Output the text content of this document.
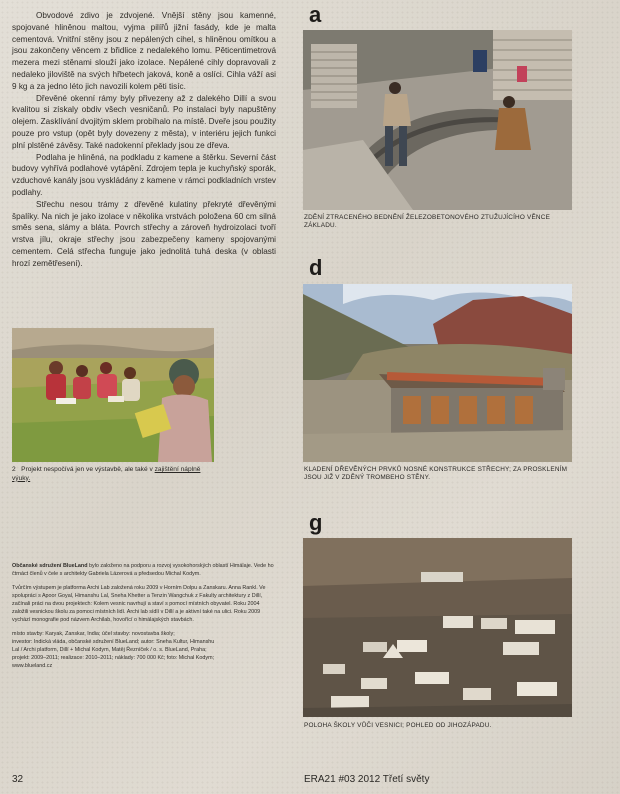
Obvodové zdivo je zdvojené. Vnější stěny jsou kamenné, spojované hliněnou maltou, vyjma pilířů jižní fasády, kde je malta cementová. Vnitřní stěny jsou z nepálených cihel, s hliněnou omítkou a jsou zakončeny věncem z břidlice z nedalekého lomu. Pěticentimetrová mezera mezi stěnami slouží jako izolace. Nepálené cihly dopravovali z nedaleko jiloviště na svých hřbetech jaková, koně a oslíci. Cihla váží asi 9 kg a za jedno léto jich navozili kolem pěti tisíc.

Dřevěné okenní rámy byly přivezeny až z dalekého Dillí a svou kvalitou si získaly obdiv všech vesničanů. Po instalaci byly napuštěny olejem. Zasklívání dvojitým sklem probíhalo na místě. Dveře jsou použity pouze pro vstup (opět byly dovezeny z města), v interiéru jejich funkci plní plstěné závěsy. Také nadokenní překlady jsou ze dřeva.

Podlaha je hliněná, na podkladu z kamene a štěrku. Severní část budovy vyhřívá podlahové vytápění. Zdrojem tepla je kuchyňský sporák, vzduchové kanály jsou vyskládány z kamene v rámci podkladních vrstev podlahy.

Střechu nesou trámy z dřevěné kulatiny překryté dřevěnými špalíky. Na nich je jako izolace v několika vrstvách položena 60 cm silná směs sena, slámy a bláta. Povrch střechy a zároveň hydroizolaci tvoří vrstva jílu, okraje střechy jsou zabezpečeny kameny spojovanými cementem. Celá střecha funguje jako jednolitá tuhá deska (v oblasti hrozí zemětřesení).

2 Projekt nespočívá jen ve výstavbě, ale také v zajištění náplně výuky.

Občanské sdružení BlueLand bylo založeno na podporu a rozvoj vysokohorských oblastí Himálaje. Vede ho čtrnáct členů v čele s architekty Gabriela Lázerová a předsedou Michal Kodym.

Tvůrčím výstupem je platforma Archi Lab založená roku 2009 v Horním Dolpu a Zanskaru. Anna Rankl. Ve spolupráci s Apoor Goyal, Himanshu Lal, Sneha Khetter a Tenzin Wangchuk z Fakulty architektury z Dillí, začínali práci na dvou projektech: Kolem vesnic navrhují a staví s pomocí místních obyvatel. Roku 2004 založili vesnickou školu za pomoci místních lidí. Archi lab sídlí v Dillí a je aktivní také na ulici. Roku 2009 vychází monografie pod názvem Archilab, hovořící o himálajských stavbách.

místo stavby: Karyak, Zanskar, India; účel stavby: novostavba školy;

investor: Indická vláda, občanské sdružení BlueLand; autor: Sneha Kultur, Himanshu

Lal / Archi platform, Dillí + Michal Kodym, Matěj Řezníček / o. s. BlueLand, Praha;

projekt: 2009–2011; realizace: 2010–2011; náklady: 700 000 Kč; foto: Michal Kodym;

www.blueland.cz

a
ZDĚNÍ ZTRACENÉHO BEDNĚNÍ ŽELEZOBETONOVÉHO ZTUŽUJÍCÍHO VĚNCE ZÁKLADU.
d
KLADENÍ DŘEVĚNÝCH PRVKŮ NOSNÉ KONSTRUKCE STŘECHY; ZA PROSKLENÍM JSOU JIŽ V ZDĚNÝ TROMBEHO STĚNY.
g
POLOHA ŠKOLY VŮČI VESNICI; POHLED OD JIHOZÁPADU.
32	ERA21 #03 2012 Třetí světy
